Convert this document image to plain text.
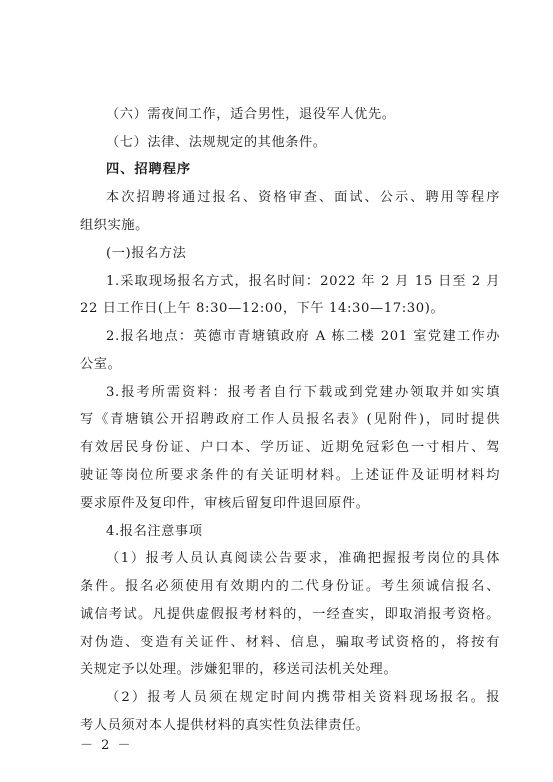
（六）需夜间工作，适合男性，退役军人优先。
（七）法律、法规规定的其他条件。
四、招聘程序
本次招聘将通过报名、资格审查、面试、公示、聘用等程序
组织实施。
(一)报名方法
1.采取现场报名方式，报名时间：2022 年 2 月 15 日至 2 月
22 日工作日(上午 8:30—12:00，下午 14:30—17:30)。
2.报名地点：英德市青塘镇政府 A 栋二楼 201 室党建工作办
公室。
3.报考所需资料：报考者自行下载或到党建办领取并如实填
写《青塘镇公开招聘政府工作人员报名表》(见附件)，同时提供
有效居民身份证、户口本、学历证、近期免冠彩色一寸相片、驾
驶证等岗位所要求条件的有关证明材料。上述证件及证明材料均
要求原件及复印件，审核后留复印件退回原件。
4.报名注意事项
（1）报考人员认真阅读公告要求，准确把握报考岗位的具体
条件。报名必须使用有效期内的二代身份证。考生须诚信报名、
诚信考试。凡提供虚假报考材料的，一经查实，即取消报考资格。
对伪造、变造有关证件、材料、信息，骗取考试资格的，将按有
关规定予以处理。涉嫌犯罪的，移送司法机关处理。
（2）报考人员须在规定时间内携带相关资料现场报名。报
考人员须对本人提供材料的真实性负法律责任。
－ 2 －
